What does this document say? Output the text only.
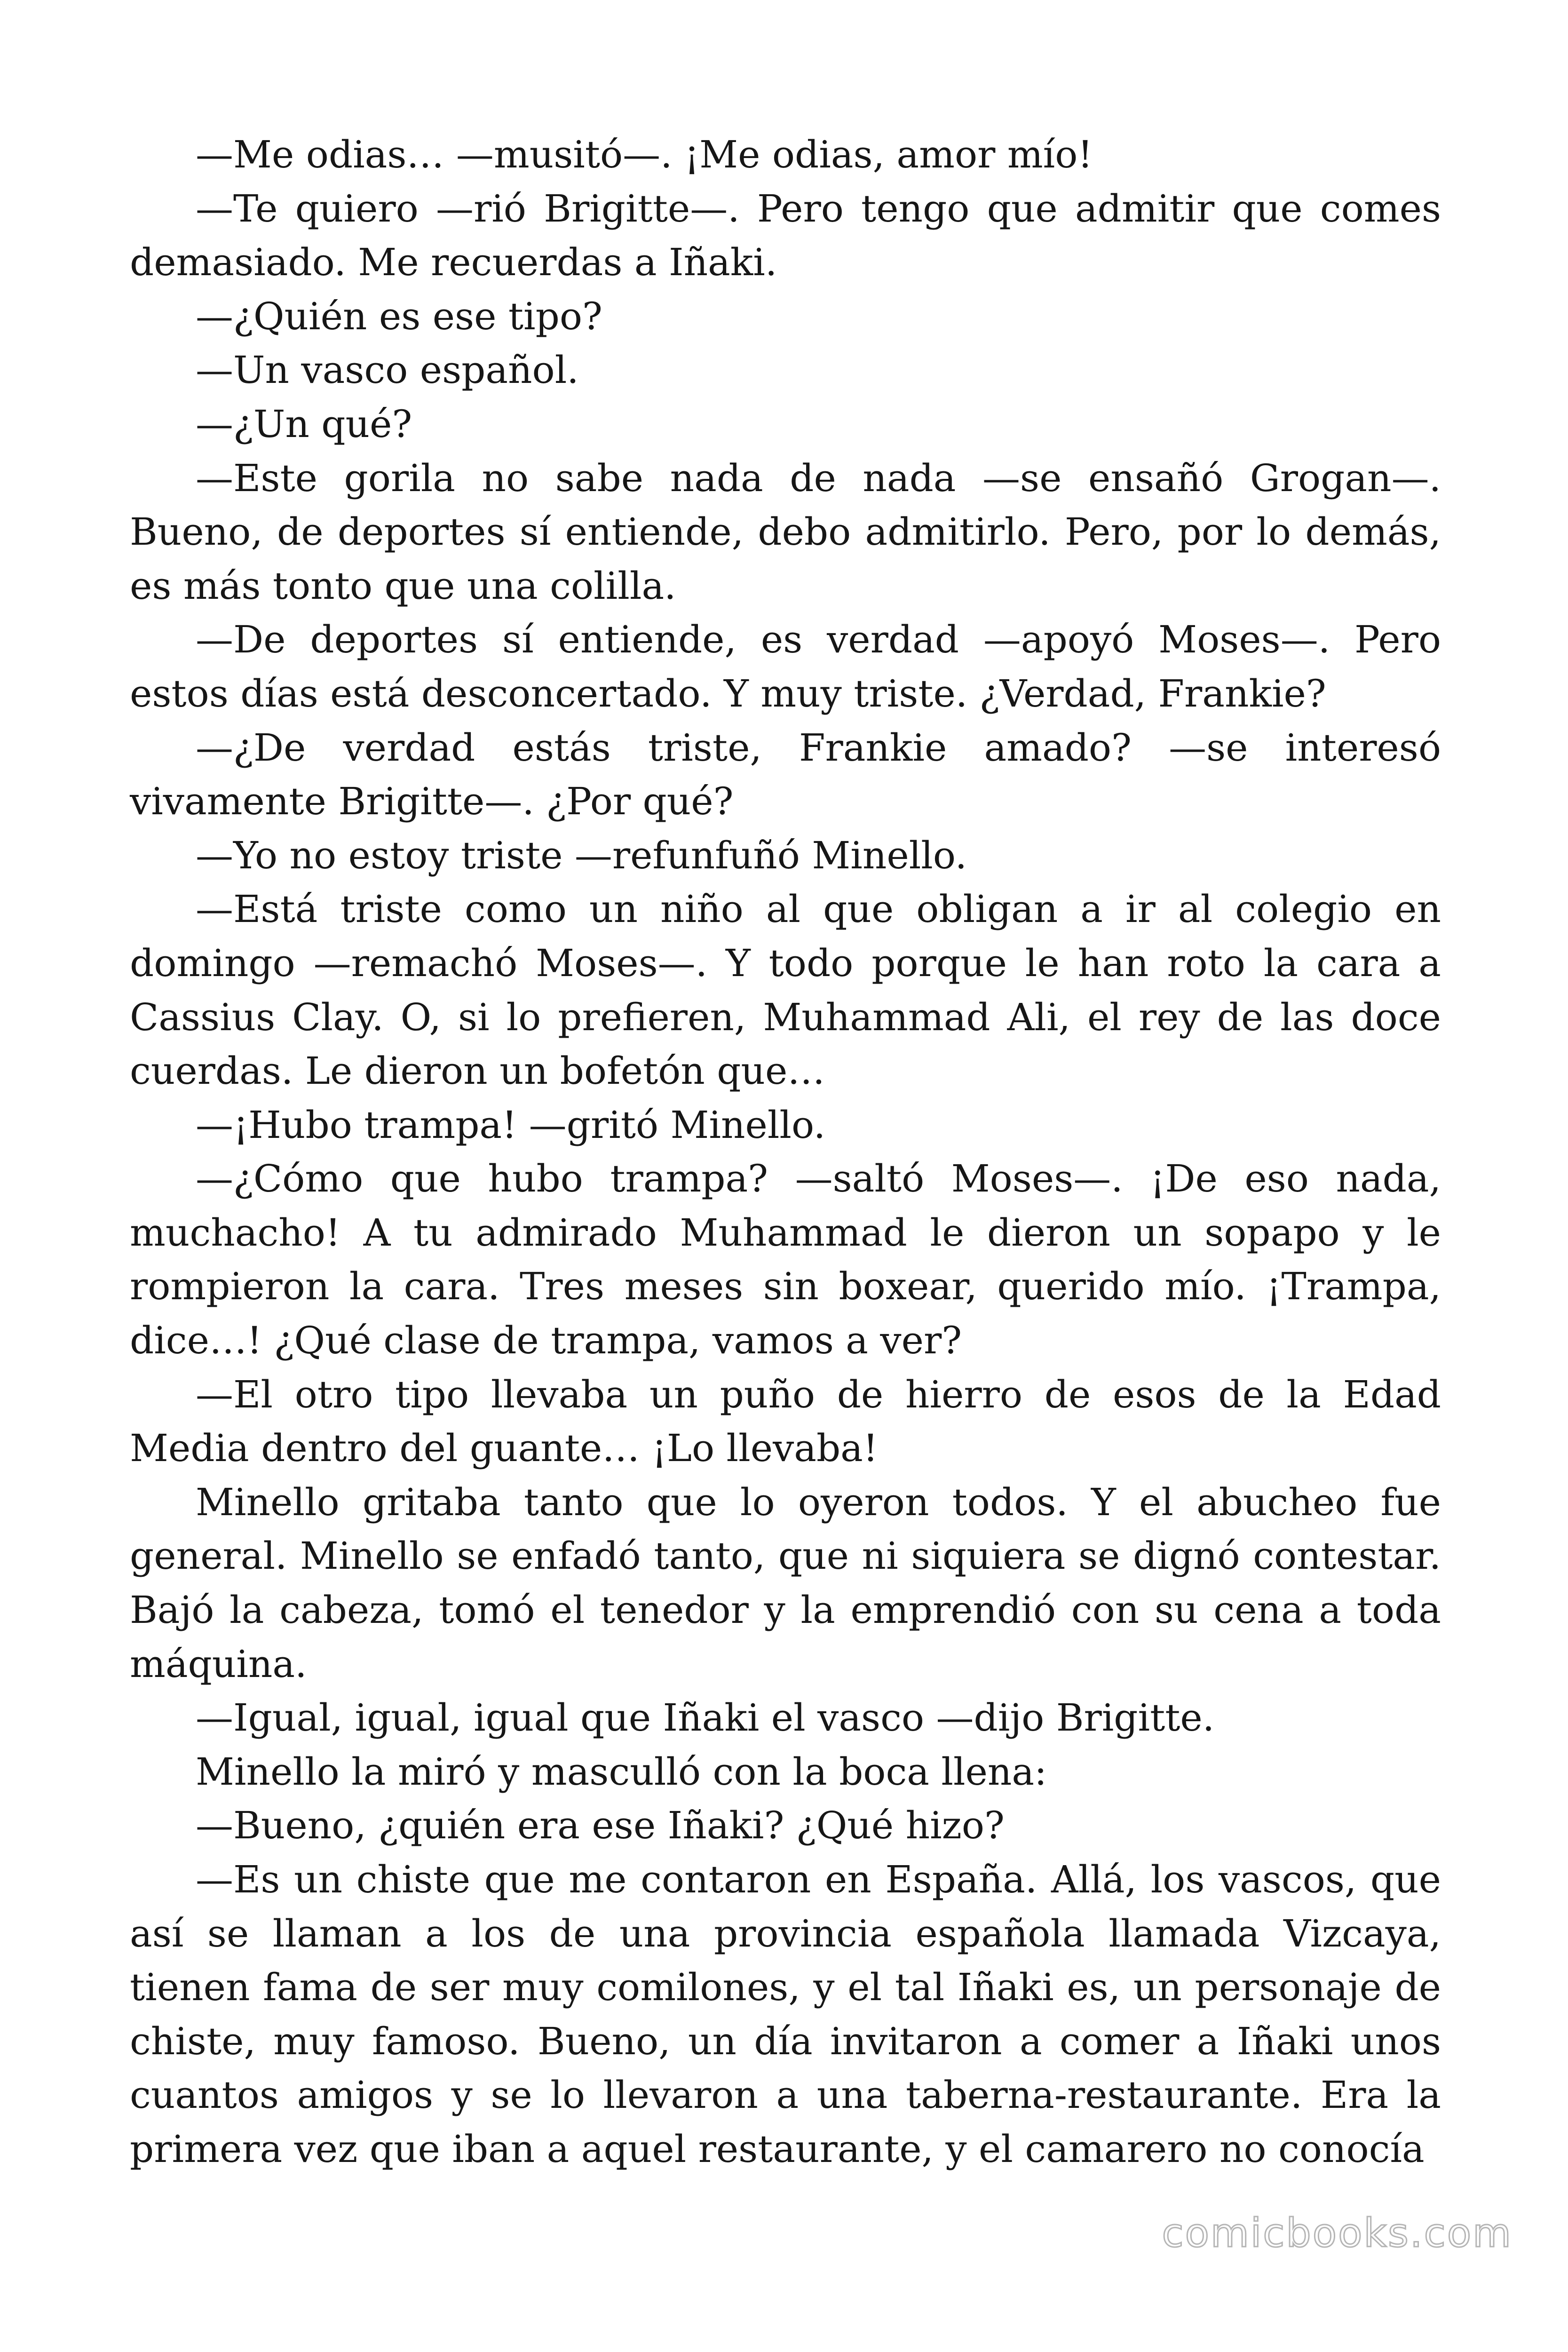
—Me odias… —musitó—. ¡Me odias, amor mío!

—Te quiero —rió Brigitte—. Pero tengo que admitir que comes demasiado. Me recuerdas a Iñaki.

—¿Quién es ese tipo?

—Un vasco español.

—¿Un qué?

—Este gorila no sabe nada de nada —se ensañó Grogan—. Bueno, de deportes sí entiende, debo admitirlo. Pero, por lo demás, es más tonto que una colilla.

—De deportes sí entiende, es verdad —apoyó Moses—. Pero estos días está desconcertado. Y muy triste. ¿Verdad, Frankie?

—¿De verdad estás triste, Frankie amado? —se interesó vivamente Brigitte—. ¿Por qué?

—Yo no estoy triste —refunfuñó Minello.

—Está triste como un niño al que obligan a ir al colegio en domingo —remachó Moses—. Y todo porque le han roto la cara a Cassius Clay. O, si lo prefieren, Muhammad Ali, el rey de las doce cuerdas. Le dieron un bofetón que…

—¡Hubo trampa! —gritó Minello.

—¿Cómo que hubo trampa? —saltó Moses—. ¡De eso nada, muchacho! A tu admirado Muhammad le dieron un sopapo y le rompieron la cara. Tres meses sin boxear, querido mío. ¡Trampa, dice…! ¿Qué clase de trampa, vamos a ver?

—El otro tipo llevaba un puño de hierro de esos de la Edad Media dentro del guante… ¡Lo llevaba!

Minello gritaba tanto que lo oyeron todos. Y el abucheo fue general. Minello se enfadó tanto, que ni siquiera se dignó contestar. Bajó la cabeza, tomó el tenedor y la emprendió con su cena a toda máquina.

—Igual, igual, igual que Iñaki el vasco —dijo Brigitte.

Minello la miró y masculló con la boca llena:

—Bueno, ¿quién era ese Iñaki? ¿Qué hizo?

—Es un chiste que me contaron en España. Allá, los vascos, que así se llaman a los de una provincia española llamada Vizcaya, tienen fama de ser muy comilones, y el tal Iñaki es, un personaje de chiste, muy famoso. Bueno, un día invitaron a comer a Iñaki unos cuantos amigos y se lo llevaron a una taberna-restaurante. Era la primera vez que iban a aquel restaurante, y el camarero no conocía

comicbooks.com
